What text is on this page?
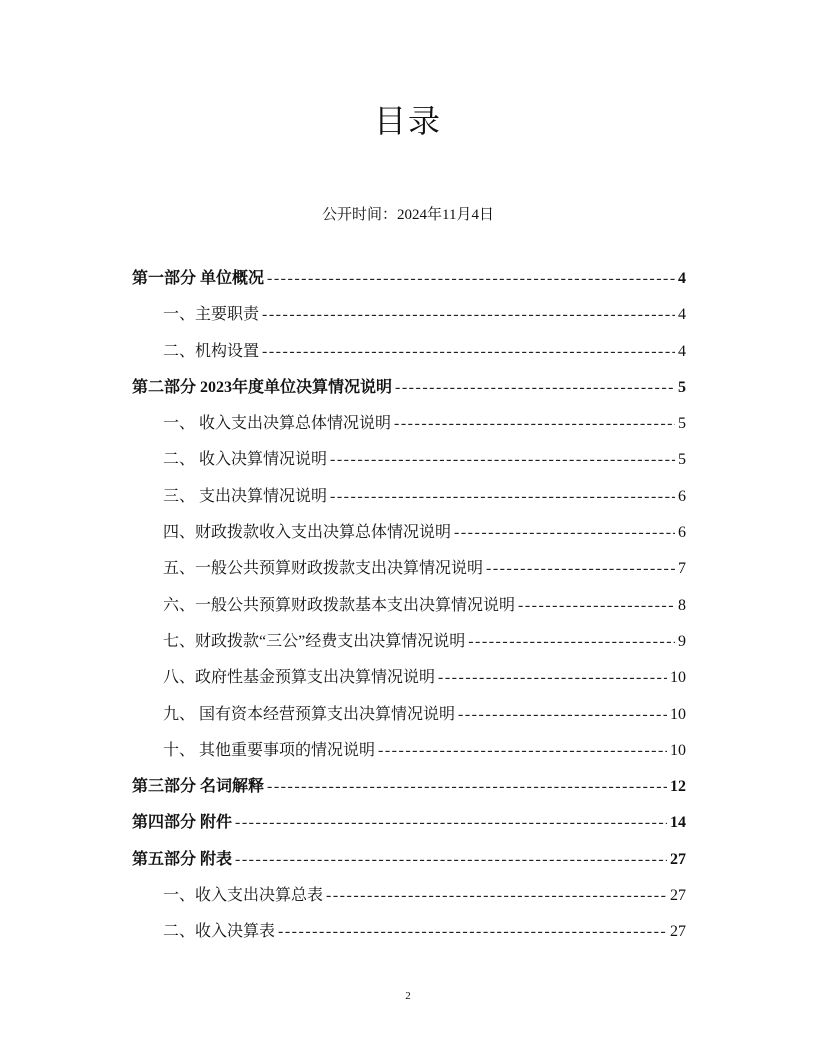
目录
公开时间：2024年11月4日
第一部分 单位概况 -----	4
一、主要职责 -----	4
二、机构设置 -----	4
第二部分 2023年度单位决算情况说明 -----	5
一、 收入支出决算总体情况说明 -----	5
二、 收入决算情况说明 -----	5
三、 支出决算情况说明 -----	6
四、财政拨款收入支出决算总体情况说明 -----	6
五、一般公共预算财政拨款支出决算情况说明 -----	7
六、一般公共预算财政拨款基本支出决算情况说明 -----	8
七、财政拨款“三公”经费支出决算情况说明 -----	9
八、政府性基金预算支出决算情况说明 -----	10
九、 国有资本经营预算支出决算情况说明 -----	10
十、 其他重要事项的情况说明 -----	10
第三部分 名词解释 -----	12
第四部分 附件 -----	14
第五部分 附表 -----	27
一、收入支出决算总表 -----	27
二、收入决算表 -----	27
2
